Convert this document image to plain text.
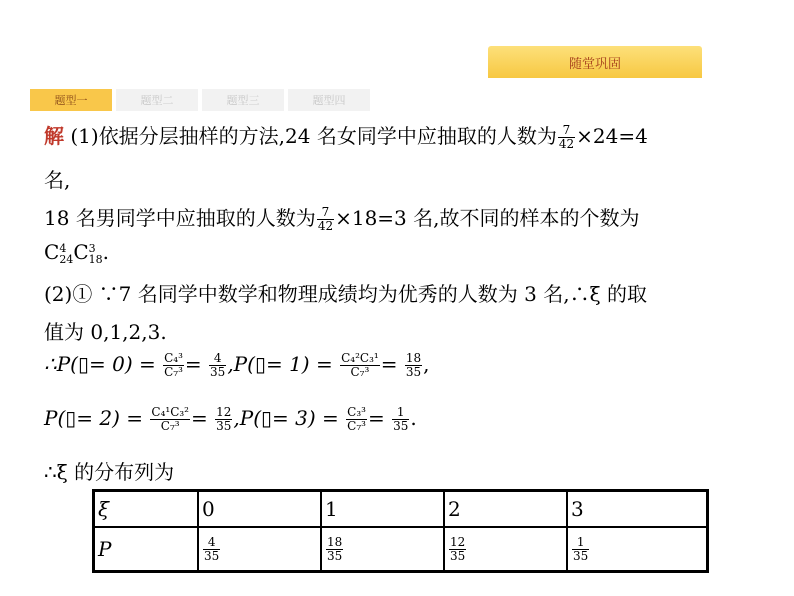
随堂巩固
题型一	题型二	题型三	题型四
解 (1)依据分层抽样的方法,24 名女同学中应抽取的人数为 $\frac{7}{42} \times 24=4$
名,
18 名男同学中应抽取的人数为 $\frac{7}{42} \times 18=3$ 名,故不同的样本的个数为
C 4
24 C 3
18 .
(2)① ∵7 名同学中数学和物理成绩均为优秀的人数为 3 名,∴ξ 的取
值为 0,1,2,3.
∴P(▯= $0) = \frac{\text{C₄³}}{\text{C₇³}} = \frac{4}{35}$ ,P(▯= $1) = \frac{\text{C₄²C₃¹}}{\text{C₇³}} = \frac{18}{35}$ ,
P(▯= $2) = \frac{\text{C₄¹C₃²}}{\text{C₇³}} = \frac{12}{35}$ ,P(▯= $3) = \frac{\text{C₃³}}{\text{C₇³}} = \frac{1}{35}$ .
∴ξ 的分布列为
ξ	0	1	2	3
P	$\frac{4}{35}$	$\frac{18}{35}$	$\frac{12}{35}$	$\frac{1}{35}$
